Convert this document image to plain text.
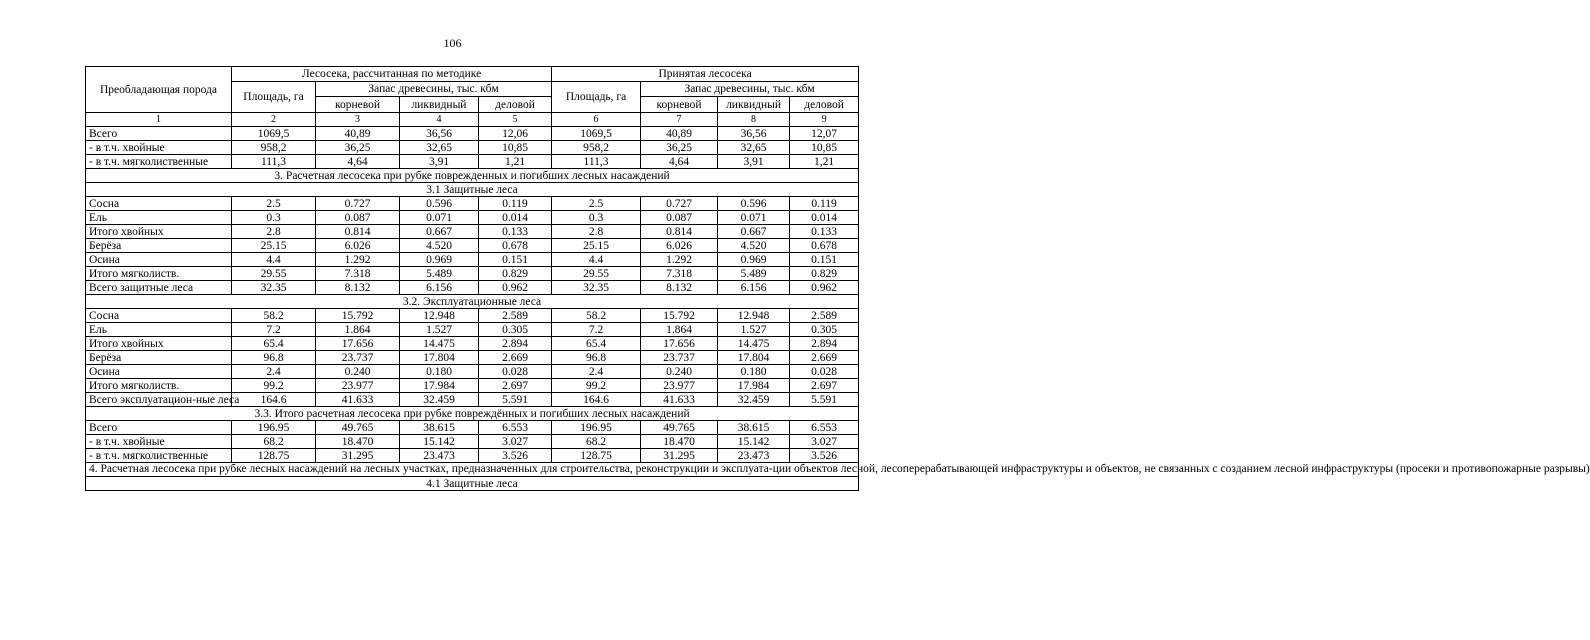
106
Преобладающая порода	Лесосека, рассчитанная по методике				Принятая лесосека			
	Площадь, га	Запас древесины, тыс. кбм			Площадь, га	Запас древесины, тыс. кбм		
		корневой	ликвидный	деловой		корневой	ликвидный	деловой
1	2	3	4	5	6	7	8	9
Всего	1069,5	40,89	36,56	12,06	1069,5	40,89	36,56	12,07
- в т.ч. хвойные	958,2	36,25	32,65	10,85	958,2	36,25	32,65	10,85
- в т.ч. мягколиственные	111,3	4,64	3,91	1,21	111,3	4,64	3,91	1,21
3. Расчетная лесосека при рубке поврежденных и погибших лесных насаждений								
3.1 Защитные леса								
Сосна	2.5	0.727	0.596	0.119	2.5	0.727	0.596	0.119
Ель	0.3	0.087	0.071	0.014	0.3	0.087	0.071	0.014
Итого хвойных	2.8	0.814	0.667	0.133	2.8	0.814	0.667	0.133
Берёза	25.15	6.026	4.520	0.678	25.15	6.026	4.520	0.678
Осина	4.4	1.292	0.969	0.151	4.4	1.292	0.969	0.151
Итого мягколиств.	29.55	7.318	5.489	0.829	29.55	7.318	5.489	0.829
Всего защитные леса	32.35	8.132	6.156	0.962	32.35	8.132	6.156	0.962
3.2. Эксплуатационные леса								
Сосна	58.2	15.792	12.948	2.589	58.2	15.792	12.948	2.589
Ель	7.2	1.864	1.527	0.305	7.2	1.864	1.527	0.305
Итого хвойных	65.4	17.656	14.475	2.894	65.4	17.656	14.475	2.894
Берёза	96.8	23.737	17.804	2.669	96.8	23.737	17.804	2.669
Осина	2.4	0.240	0.180	0.028	2.4	0.240	0.180	0.028
Итого мягколиств.	99.2	23.977	17.984	2.697	99.2	23.977	17.984	2.697
Всего эксплуатацион-ные леса	164.6	41.633	32.459	5.591	164.6	41.633	32.459	5.591
3.3. Итого расчетная лесосека при рубке повреждённых и погибших лесных насаждений								
Всего	196.95	49.765	38.615	6.553	196.95	49.765	38.615	6.553
- в т.ч. хвойные	68.2	18.470	15.142	3.027	68.2	18.470	15.142	3.027
- в т.ч. мягколиственные	128.75	31.295	23.473	3.526	128.75	31.295	23.473	3.526
4. Расчетная лесосека при рубке лесных насаждений на лесных участках, предназначенных для строительства, реконструкции и эксплуата-ции объектов лесной, лесоперерабатывающей инфраструктуры и объектов, не связанных с созданием лесной инфраструктуры (просеки и противопожарные разрывы)								
4.1 Защитные леса								
